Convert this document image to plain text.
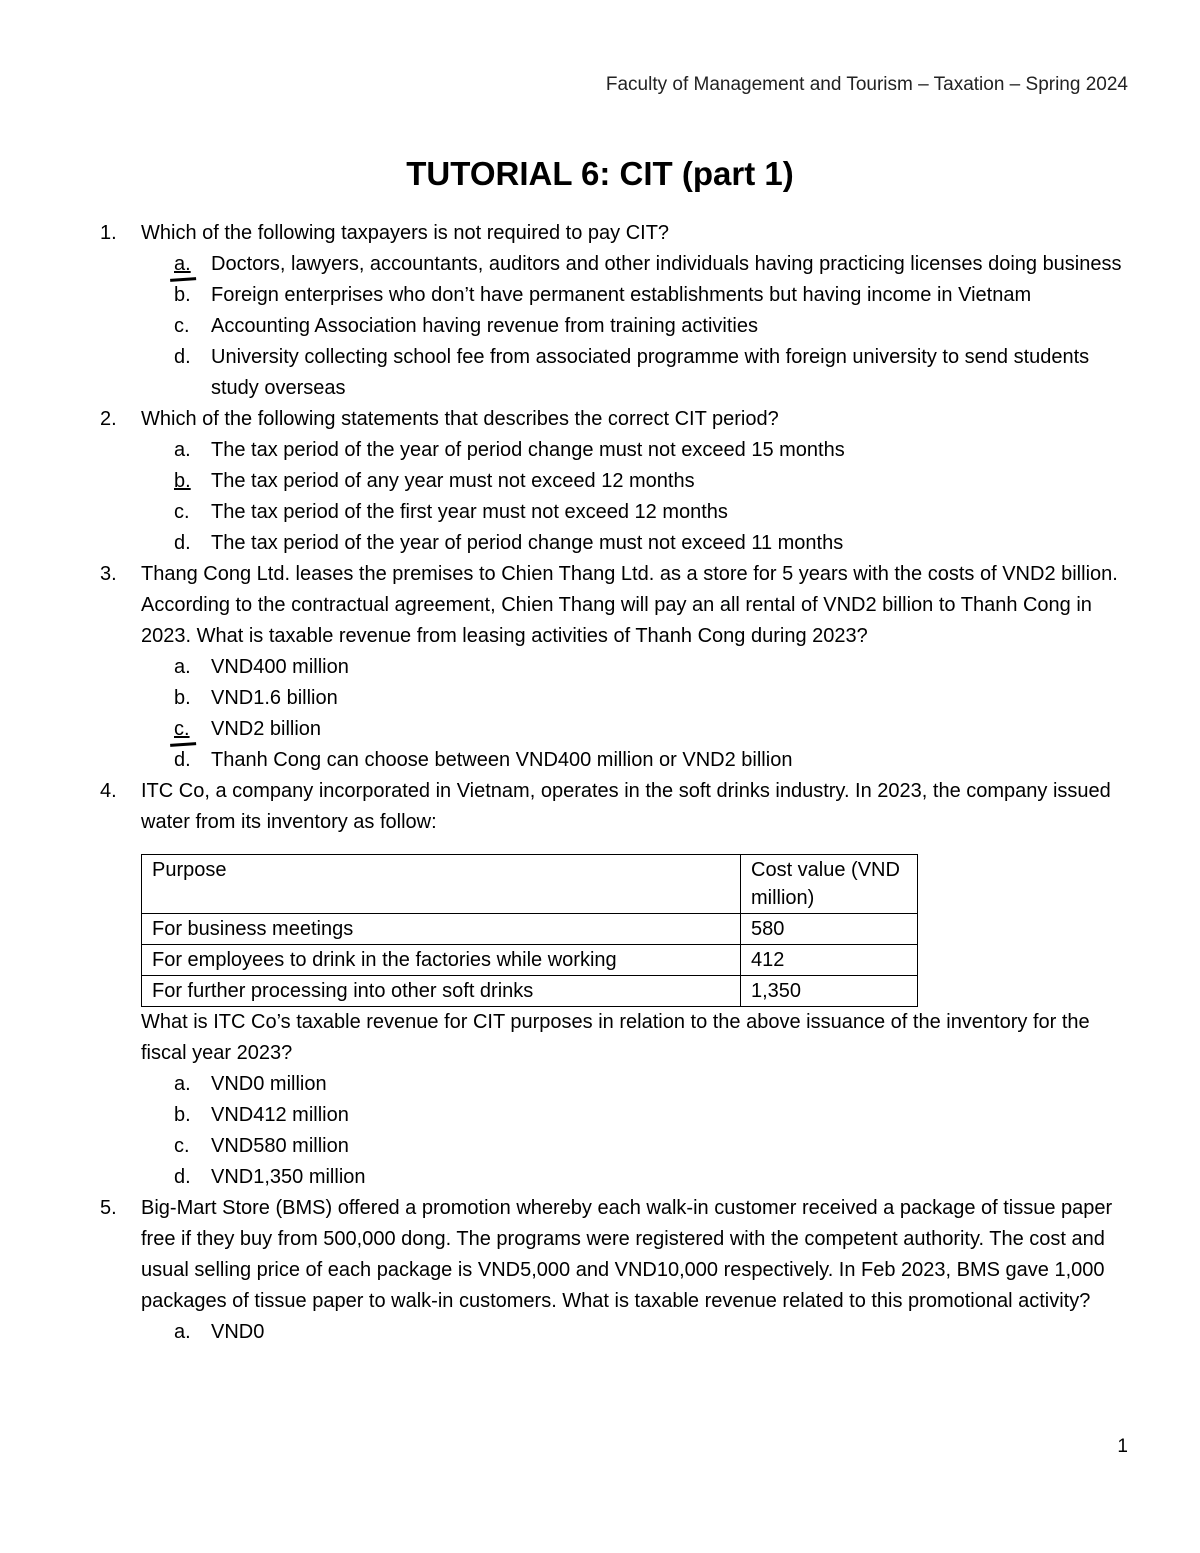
Faculty of Management and Tourism – Taxation – Spring 2024
TUTORIAL 6: CIT (part 1)
1. Which of the following taxpayers is not required to pay CIT?
a. Doctors, lawyers, accountants, auditors and other individuals having practicing licenses doing business
b. Foreign enterprises who don’t have permanent establishments but having income in Vietnam
c. Accounting Association having revenue from training activities
d. University collecting school fee from associated programme with foreign university to send students study overseas
2. Which of the following statements that describes the correct CIT period?
a. The tax period of the year of period change must not exceed 15 months
b. The tax period of any year must not exceed 12 months
c. The tax period of the first year must not exceed 12 months
d. The tax period of the year of period change must not exceed 11 months
3. Thang Cong Ltd. leases the premises to Chien Thang Ltd. as a store for 5 years with the costs of VND2 billion. According to the contractual agreement, Chien Thang will pay an all rental of VND2 billion to Thanh Cong in 2023. What is taxable revenue from leasing activities of Thanh Cong during 2023?
a. VND400 million
b. VND1.6 billion
c. VND2 billion
d. Thanh Cong can choose between VND400 million or VND2 billion
4. ITC Co, a company incorporated in Vietnam, operates in the soft drinks industry. In 2023, the company issued water from its inventory as follow:
Purpose	Cost value (VND million)
For business meetings	580
For employees to drink in the factories while working	412
For further processing into other soft drinks	1,350
What is ITC Co’s taxable revenue for CIT purposes in relation to the above issuance of the inventory for the fiscal year 2023?
a. VND0 million
b. VND412 million
c. VND580 million
d. VND1,350 million
5. Big-Mart Store (BMS) offered a promotion whereby each walk-in customer received a package of tissue paper free if they buy from 500,000 dong. The programs were registered with the competent authority. The cost and usual selling price of each package is VND5,000 and VND10,000 respectively. In Feb 2023, BMS gave 1,000 packages of tissue paper to walk-in customers. What is taxable revenue related to this promotional activity?
a. VND0
1
